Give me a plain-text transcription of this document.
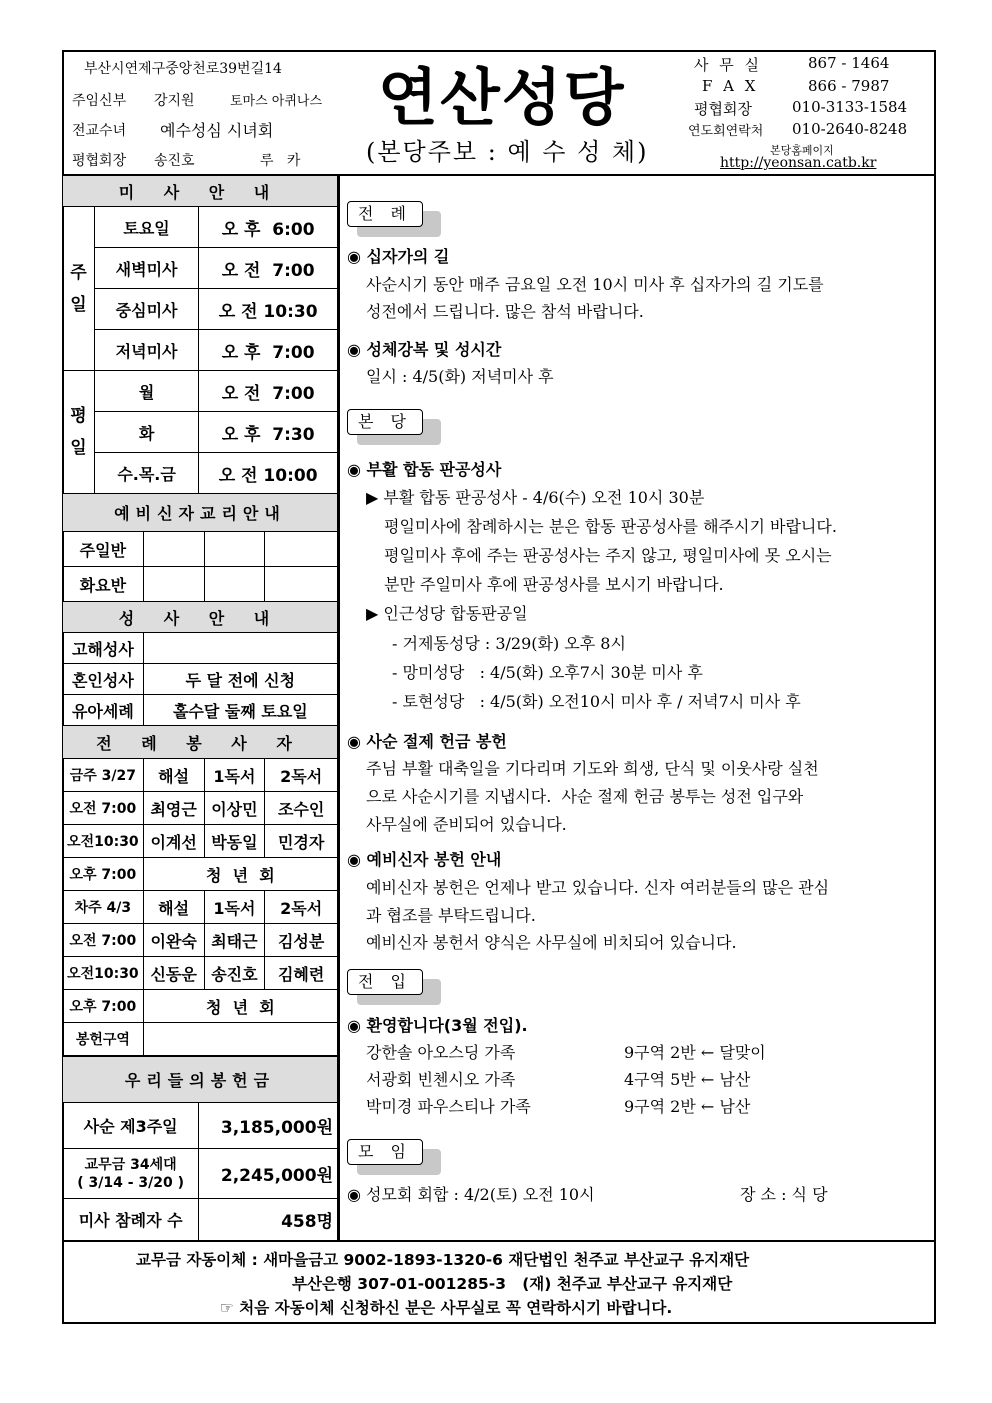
부산시연제구중앙천로39번길14
주임신부 강지원	토마스 아퀴나스
전교수녀 예수성심 시녀회
평협회장 송진호	루   카
연산성당
(본당주보 : 예 수 성 체)
사 무 실	867 - 1464
F A X	866 - 7987
평협회장	010-3133-1584
연도회연락처 010-2640-8248
본당홈페이지
http://yeonsan.catb.kr
미 사 안 내		
주
일	토요일	오 후  6:00
	새벽미사	오 전  7:00
	중심미사	오 전 10:30
	저녁미사	오 후  7:00
평
일	월	오 전  7:00
	화	오 후  7:30
	수.목.금	오 전 10:00
예비신자교리안내			
주일반			
화요반			
성 사 안 내	
고해성사	
혼인성사	두 달 전에 신청
유아세례	홀수달 둘째 토요일
전 례 봉 사 자			
금주 3/27	해설	1독서	2독서
오전 7:00	최영근	이상민	조수인
오전10:30	이계선	박동일	민경자
오후 7:00	청  년  회		
차주 4/3	해설	1독서	2독서
오전 7:00	이완숙	최태근	김성분
오전10:30	신동운	송진호	김혜련
오후 7:00	청  년  회		
봉헌구역			
우리들의봉헌금	
사순 제3주일	3,185,000원
교무금 34세대
( 3/14 - 3/20 )	2,245,000원
미사 참례자 수	458명
전 례
◉ 십자가의 길
사순시기 동안 매주 금요일 오전 10시 미사 후 십자가의 길 기도를
성전에서 드립니다. 많은 참석 바랍니다.
◉ 성체강복 및 성시간
일시 : 4/5(화) 저녁미사 후
본 당
◉ 부활 합동 판공성사
▶ 부활 합동 판공성사 - 4/6(수) 오전 10시 30분
평일미사에 참례하시는 분은 합동 판공성사를 해주시기 바랍니다.
평일미사 후에 주는 판공성사는 주지 않고, 평일미사에 못 오시는
분만 주일미사 후에 판공성사를 보시기 바랍니다.
▶ 인근성당 합동판공일
- 거제동성당 : 3/29(화) 오후 8시
- 망미성당   : 4/5(화) 오후7시 30분 미사 후
- 토현성당   : 4/5(화) 오전10시 미사 후 / 저녁7시 미사 후
◉ 사순 절제 헌금 봉헌
주님 부활 대축일을 기다리며 기도와 희생, 단식 및 이웃사랑 실천
으로 사순시기를 지냅시다.  사순 절제 헌금 봉투는 성전 입구와
사무실에 준비되어 있습니다.
◉ 예비신자 봉헌 안내
예비신자 봉헌은 언제나 받고 있습니다. 신자 여러분들의 많은 관심
과 협조를 부탁드립니다.
예비신자 봉헌서 양식은 사무실에 비치되어 있습니다.
전 입
◉ 환영합니다(3월 전입).
강한솔 아오스딩 가족	9구역 2반 ← 달맞이
서광회 빈첸시오 가족	4구역 5반 ← 남산
박미경 파우스티나 가족	9구역 2반 ← 남산
모 임
◉ 성모회 회합 : 4/2(토) 오전 10시	장 소 : 식 당
교무금 자동이체 : 새마을금고 9002-1893-1320-6 재단법인 천주교 부산교구 유지재단
부산은행 307-01-001285-3   (재) 천주교 부산교구 유지재단
☞ 처음 자동이체 신청하신 분은 사무실로 꼭 연락하시기 바랍니다.
